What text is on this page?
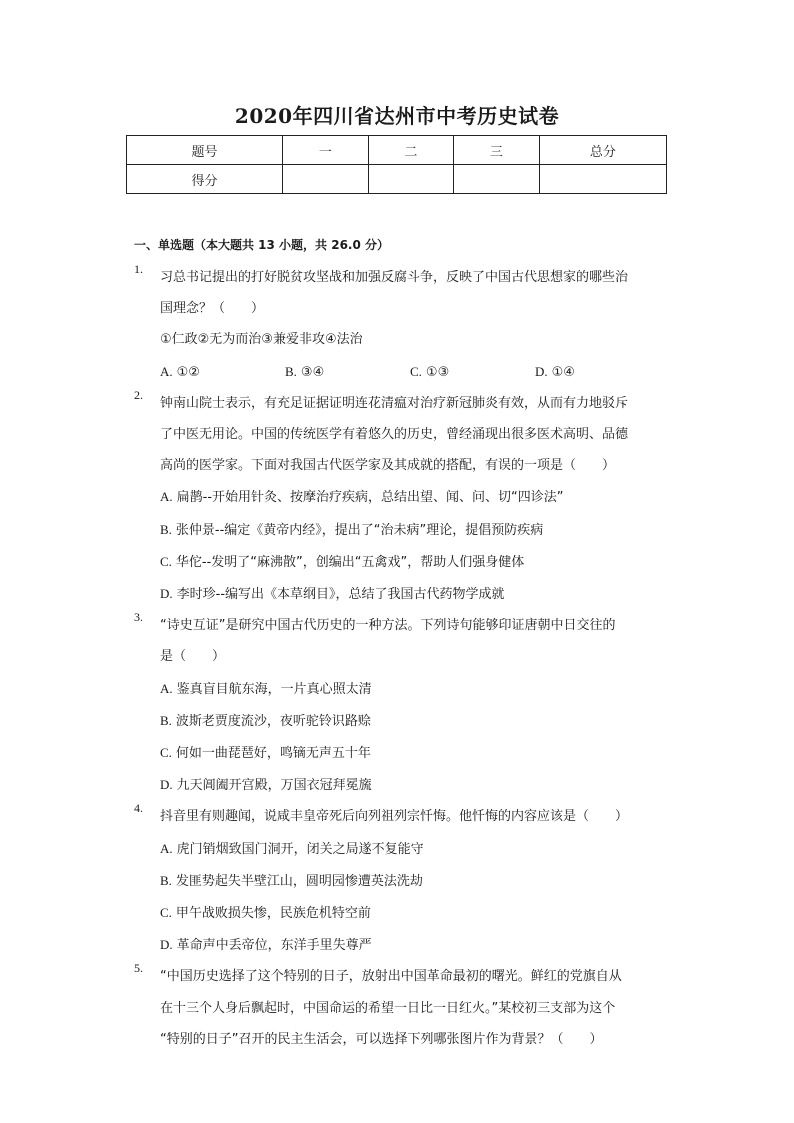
2020年四川省达州市中考历史试卷
题号	一	二	三	总分
得分				
一、单选题（本大题共 13 小题，共 26.0 分）
1.
习总书记提出的打好脱贫攻坚战和加强反腐斗争，反映了中国古代思想家的哪些治
国理念？（　　）
①仁政②无为而治③兼爱非攻④法治
A. ①②	B. ③④	C. ①③	D. ①④
2.
钟南山院士表示，有充足证据证明连花清瘟对治疗新冠肺炎有效，从而有力地驳斥
了中医无用论。中国的传统医学有着悠久的历史，曾经涌现出很多医术高明、品德
高尚的医学家。下面对我国古代医学家及其成就的搭配，有误的一项是（　　）
A. 扁鹊--开始用针灸、按摩治疗疾病，总结出望、闻、问、切“四诊法”
B. 张仲景--编定《黄帝内经》，提出了“治未病”理论，提倡预防疾病
C. 华佗--发明了“麻沸散”，创编出“五禽戏”，帮助人们强身健体
D. 李时珍--编写出《本草纲目》，总结了我国古代药物学成就
3.
“诗史互证”是研究中国古代历史的一种方法。下列诗句能够印证唐朝中日交往的
是（　　）
A. 鉴真盲目航东海，一片真心照太清
B. 波斯老贾度流沙，夜听驼铃识路赊
C. 何如一曲琵琶好，鸣镝无声五十年
D. 九天阊阖开宫殿，万国衣冠拜冕旒
4.
抖音里有则趣闻，说咸丰皇帝死后向列祖列宗忏悔。他忏悔的内容应该是（　　）
A. 虎门销烟致国门洞开，闭关之局遂不复能守
B. 发匪势起失半壁江山，圆明园惨遭英法洗劫
C. 甲午战败损失惨，民族危机特空前
D. 革命声中丢帝位，东洋手里失尊严
5.
“中国历史选择了这个特别的日子，放射出中国革命最初的曙光。鲜红的党旗自从
在十三个人身后飘起时，中国命运的希望一日比一日红火。”某校初三支部为这个
“特别的日子”召开的民主生活会，可以选择下列哪张图片作为背景？（　　）
